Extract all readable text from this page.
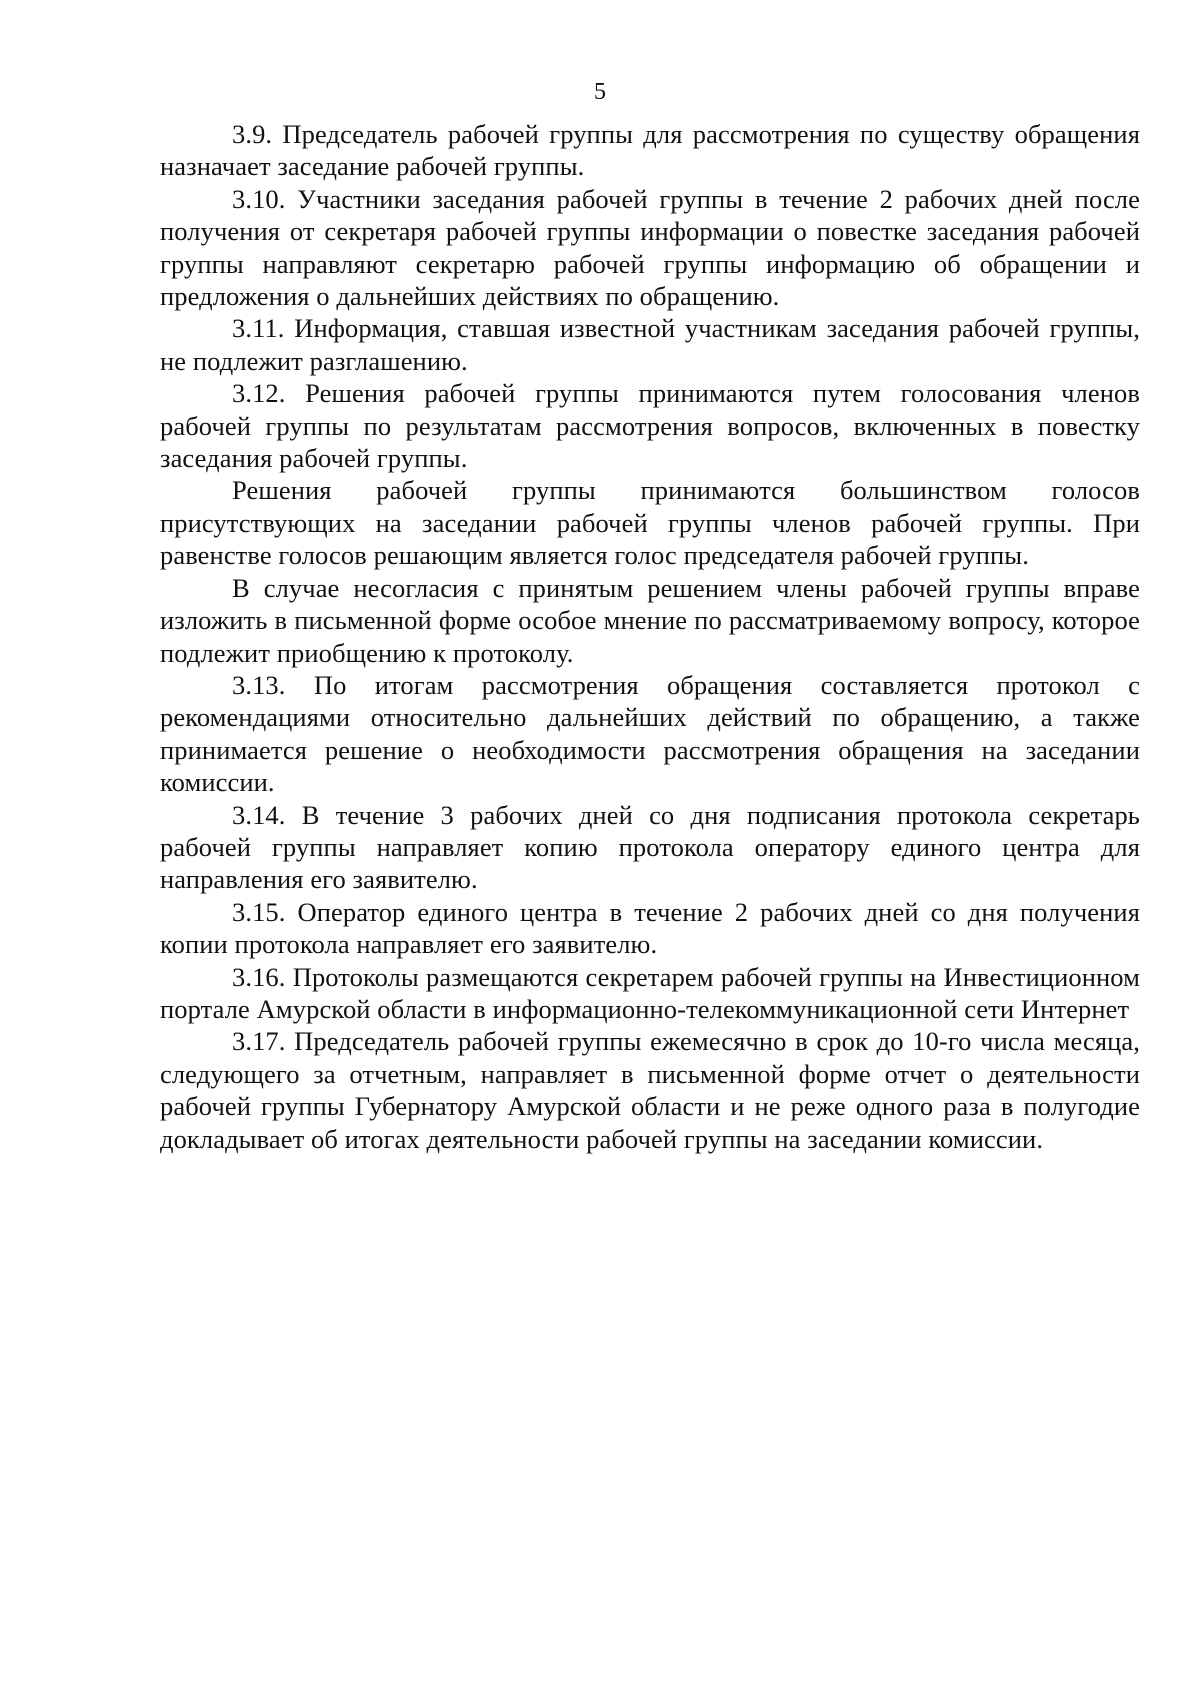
5

3.9. Председатель рабочей группы для рассмотрения по существу обращения назначает заседание рабочей группы.

3.10. Участники заседания рабочей группы в течение 2 рабочих дней после получения от секретаря рабочей группы информации о повестке заседания рабочей группы направляют секретарю рабочей группы информацию об обращении и предложения о дальнейших действиях по обращению.

3.11. Информация, ставшая известной участникам заседания рабочей группы, не подлежит разглашению.

3.12. Решения рабочей группы принимаются путем голосования членов рабочей группы по результатам рассмотрения вопросов, включенных в повестку заседания рабочей группы.

Решения рабочей группы принимаются большинством голосов присутствующих на заседании рабочей группы членов рабочей группы. При равенстве голосов решающим является голос председателя рабочей группы.

В случае несогласия с принятым решением члены рабочей группы вправе изложить в письменной форме особое мнение по рассматриваемому вопросу, которое подлежит приобщению к протоколу.

3.13. По итогам рассмотрения обращения составляется протокол с рекомендациями относительно дальнейших действий по обращению, а также принимается решение о необходимости рассмотрения обращения на заседании комиссии.

3.14. В течение 3 рабочих дней со дня подписания протокола секретарь рабочей группы направляет копию протокола оператору единого центра для направления его заявителю.

3.15. Оператор единого центра в течение 2 рабочих дней со дня получения копии протокола направляет его заявителю.

3.16. Протоколы размещаются секретарем рабочей группы на Инвестиционном портале Амурской области в информационно-телекоммуникационной сети Интернет

3.17. Председатель рабочей группы ежемесячно в срок до 10-го числа месяца, следующего за отчетным, направляет в письменной форме отчет о деятельности рабочей группы Губернатору Амурской области и не реже одного раза в полугодие докладывает об итогах деятельности рабочей группы на заседании комиссии.
